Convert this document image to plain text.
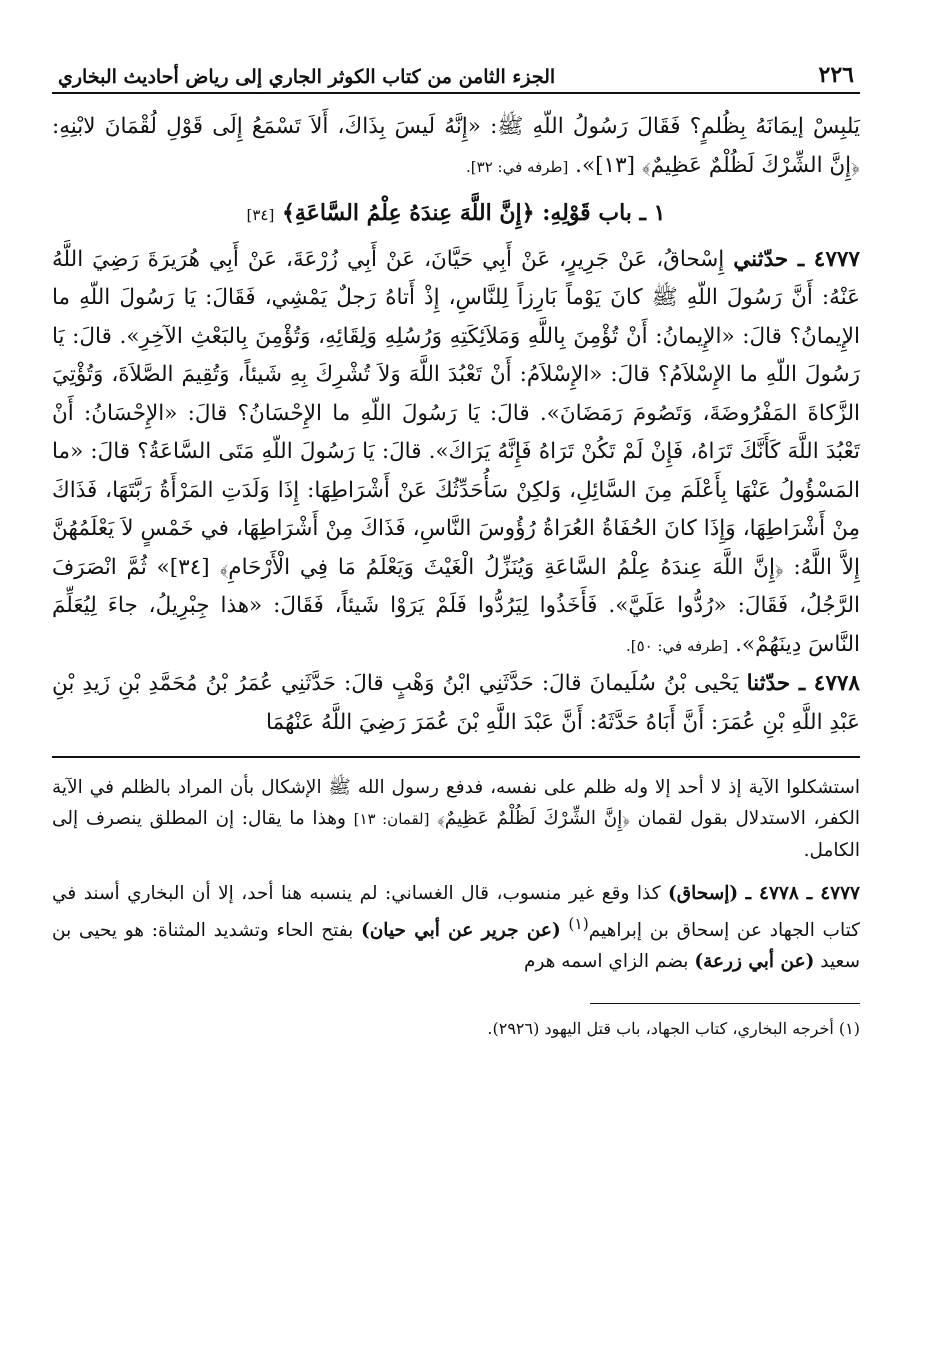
٢٢٦
الجزء الثامن من كتاب الكوثر الجاري إلى رياض أحاديث البخاري

يَلبِسْ إيمَانَهُ بِظُلمٍ؟ فَقَالَ رَسُولُ اللّهِ ﷺ: «إِنَّهُ لَيسَ بِذَاكَ، أَلاَ تَسْمَعُ إِلَى قَوْلِ لُقْمَانَ لابْنِهِ: ﴿إِنَّ الشِّرْكَ لَظُلْمٌ عَظِيمٌ﴾ [١٣]». [طرفه في: ٣٢].

١ ـ باب قَوْلِهِ: ﴿إِنَّ اللَّهَ عِندَهُ عِلْمُ السَّاعَةِ﴾ [٣٤]

٤٧٧٧ ـ حدّثني إِسْحاقُ، عَنْ جَرِيرٍ، عَنْ أَبِي حَيَّانَ، عَنْ أَبِي زُرْعَةَ، عَنْ أَبِي هُرَيرَةَ رَضِيَ اللَّهُ عَنْهُ: أَنَّ رَسُولَ اللّهِ ﷺ كانَ يَوْماً بَارِزاً لِلنَّاسِ، إِذْ أَتاهُ رَجلٌ يَمْشِي، فَقَالَ: يَا رَسُولَ اللّهِ ما الإِيمانُ؟ قالَ: «الإِيمانُ: أَنْ تُؤْمِنَ بِاللَّهِ وَمَلاَئِكَتِهِ وَرُسُلِهِ وَلِقَائِهِ، وَتُؤْمِنَ بِالبَعْثِ الآخِرِ». قالَ: يَا رَسُولَ اللّهِ ما الإِسْلاَمُ؟ قالَ: «الإِسْلاَمُ: أَنْ تَعْبُدَ اللَّهَ وَلاَ تُشْرِكَ بِهِ شَيئاً، وَتُقِيمَ الصَّلاَةَ، وَتُؤْتِيَ الزَّكاةَ المَفْرُوضَةَ، وَتَصُومَ رَمَضَانَ». قالَ: يَا رَسُولَ اللّهِ ما الإِحْسَانُ؟ قالَ: «الإِحْسَانُ: أَنْ تَعْبُدَ اللَّهَ كَأَنَّكَ تَرَاهُ، فَإِنْ لَمْ تَكُنْ تَرَاهُ فَإِنَّهُ يَرَاكَ». قالَ: يَا رَسُولَ اللّهِ مَتَى السَّاعَةُ؟ قالَ: «ما المَسْؤُولُ عَنْهَا بِأَعْلَمَ مِنَ السَّائِلِ، وَلكِنْ سَأُحَدِّثُكَ عَنْ أَشْرَاطِهَا: إِذَا وَلَدَتِ المَرْأَةُ رَبَّتَهَا، فَذَاكَ مِنْ أَشْرَاطِهَا، وَإِذَا كانَ الحُفَاةُ العُرَاةُ رُؤُوسَ النَّاسِ، فَذَاكَ مِنْ أَشْرَاطِهَا، في خَمْسٍ لاَ يَعْلَمُهُنَّ إِلاَّ اللَّهُ: ﴿إِنَّ اللَّهَ عِندَهُ عِلْمُ السَّاعَةِ وَيُنَزِّلُ الْغَيْثَ وَيَعْلَمُ مَا فِي الْأَرْحَامِ﴾ [٣٤]» ثُمَّ انْصَرَفَ الرَّجُلُ، فَقَالَ: «رُدُّوا عَلَيَّ». فَأَخَذُوا لِيَرُدُّوا فَلَمْ يَرَوْا شَيئاً، فَقَالَ: «هذا جِبْرِيلُ، جاءَ لِيُعَلِّمَ النَّاسَ دِينَهُمْ». [طرفه في: ٥٠].

٤٧٧٨ ـ حدّثنا يَحْيى بْنُ سُلَيمانَ قالَ: حَدَّثَنِي ابْنُ وَهْبٍ قالَ: حَدَّثَنِي عُمَرُ بْنُ مُحَمَّدِ بْنِ زَيدِ بْنِ عَبْدِ اللَّهِ بْنِ عُمَرَ: أَنَّ أَبَاهُ حَدَّثَهُ: أَنَّ عَبْدَ اللَّهِ بْنَ عُمَرَ رَضِيَ اللَّهُ عَنْهُمَا

استشكلوا الآية إذ لا أحد إلا وله ظلم على نفسه، فدفع رسول الله ﷺ الإشكال بأن المراد بالظلم في الآية الكفر، الاستدلال بقول لقمان ﴿إِنَّ الشِّرْكَ لَظُلْمٌ عَظِيمٌ﴾ [لقمان: ١٣] وهذا ما يقال: إن المطلق ينصرف إلى الكامل.

٤٧٧٧ ـ ٤٧٧٨ ـ (إسحاق) كذا وقع غير منسوب، قال الغساني: لم ينسبه هنا أحد، إلا أن البخاري أسند في كتاب الجهاد عن إسحاق بن إبراهيم$^{(١)}$ (عن جرير عن أبي حيان) بفتح الحاء وتشديد المثناة: هو يحيى بن سعيد (عن أبي زرعة) بضم الزاي اسمه هرم

(١) أخرجه البخاري، كتاب الجهاد، باب قتل اليهود (٢٩٢٦).
